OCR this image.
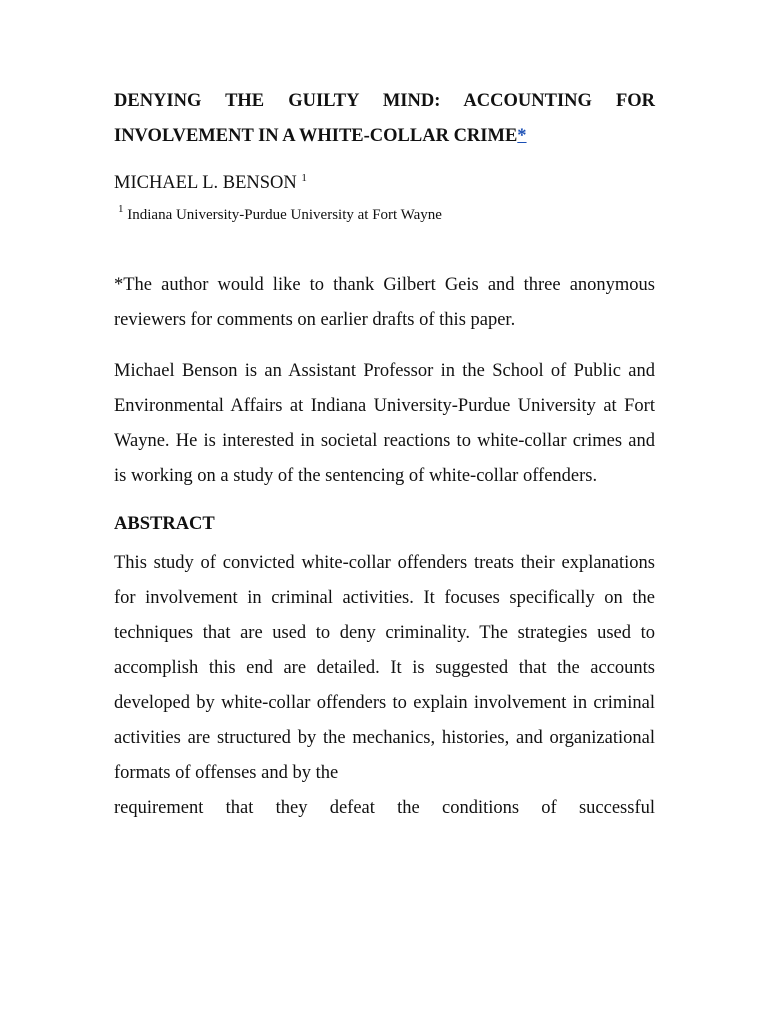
DENYING THE GUILTY MIND: ACCOUNTING FOR
INVOLVEMENT IN A WHITE-COLLAR CRIME*

MICHAEL L. BENSON $^1$

$^1$ Indiana University-Purdue University at Fort Wayne

*The author would like to thank Gilbert Geis and three anonymous reviewers for comments on earlier drafts of this paper.

Michael Benson is an Assistant Professor in the School of Public and Environmental Affairs at Indiana University-Purdue University at Fort Wayne. He is interested in societal reactions to white-collar crimes and is working on a study of the sentencing of white-collar offenders.

ABSTRACT

This study of convicted white-collar offenders treats their explanations for involvement in criminal activities. It focuses specifically on the techniques that are used to deny criminality. The strategies used to accomplish this end are detailed. It is suggested that the accounts developed by white-collar offenders to explain involvement in criminal activities are structured by the mechanics, histories, and organizational formats of offenses and by the
requirement that they defeat the conditions of successful
